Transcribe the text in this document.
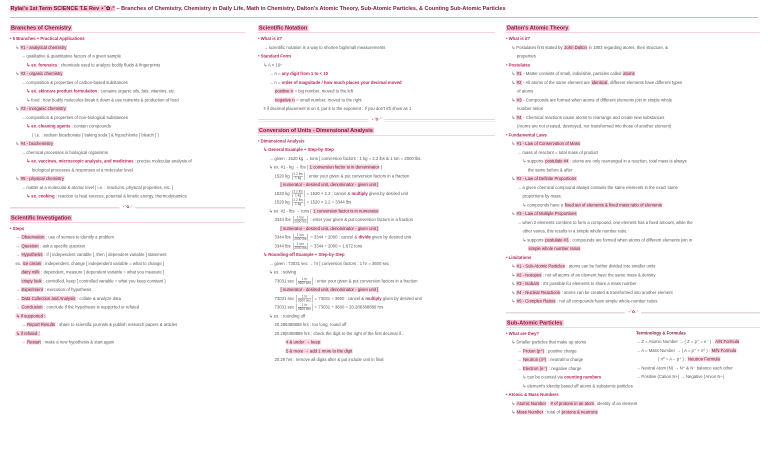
Rylai's 1st Term SCIENCE T.E Rev ⋆˚✿˖° – Branches of Chemistry, Chemistry in Daily Life, Math in Chemistry, Dalton's Atomic Theory, Sub-Atomic Particles, & Counting Sub-Atomic Particles
Branches of Chemistry
• 5 Branches + Practical Applications
↳ #1 - analytical chemistry
→ qualitative & quantitative factors of a given sample
↳ ex. forensics : chemicals used to analyze bodily fluids & fingerprints
↳ #2 - organic chemistry
→ composition & properties of carbon-based substances
↳ ex. skincare product formulation : contains organic oils, fats, vitamins, etc.
↳ food : how bodily molecules break it down & use nutrients & production of food
↳ #3 - inorganic chemistry
→ composition & properties of non-biological substances
↳ ex. cleaning agents : contain compounds
( i.e. : sodium bicarbonate [ baking soda ] & hypochlorite [ bleach ] )
↳ #4 - biochemistry
→ chemical processes in biological organisms
↳ ex. vaccines, microscopic analysis, and medicines : precise molecular analysis of
biological processes & responses at a molecular level
↳ #5 - physical chemistry
→ matter at a molecular & atomic level [ i.e. : reactions, physical properties, etc. ]
↳ ex. cooking : reaction to heat sources, potential & kinetic energy, thermodynamics
⋆˚✿˖°
Scientific Investigation
• Steps
→ Observation : use of senses to identify a problem
→ Question : ask a specific question
→ Hypothesis : if [ independent variable ], then [ dependent variable ] statement
ex. ice cream : independent, change [ independent variable = what to change ]
dairy milk : dependent, measure [ dependent variable = what you measure ]
crispy look : controlled, keep [ controlled variable = what you keep constant ]
→ Experiment : execution of hypothesis
→ Data Collection and Analysis : collate & analyze data
→ Conclusion : conclude if the hypothesis is supported or refuted
↳ if supported :
→ Report Results : share to scientific journals & publish research papers & articles
↳ if refuted :
→ Restart : make a new hypothesis & start again
Scientific Notation
• What is it?
→ scientific notation is a way to shorten big/small measurements
• Standard Form
↳ A × 10ⁿ
→ A = any digit from 1 to < 10
→ n = order of magnitude / how much places your decimal moved
positive n = big number, moved to the left
negative n = small number, moved to the right
‼ if decimal placement is on it, put it to the exponent : if you don't it'll show as 1
⋆˚✿˖°
Conversion of Units - Dimensional Analysis
• Dimensional Analysis
↳ General Example + Step-by-Step
→ given : 1520 kg → tons [ conversion factors : 1 kg = 2.2 lbs & 1 ton = 2000 lbs.
↳ ex. #1 - kg → lbs [ 1 conversion factor is in denominator ]
1520 kg $\frac{\text{2.2 lbs}}{1 kg}$ : enter your given & put conversion factors in a fraction
[ numerator - desired unit, denominator - given unit ]
1520 kg $\frac{\text{2.2 lbs}}{1 kg} = 1520 \times 2.2$ : cancel & multiply given by desired unit
1520 kg $\frac{\text{2.2 lbs}}{1 kg} = 1520 \times 2.2 = 3344$ lbs
↳ ex. #2 - lbs → tons [ 1 conversion factor is in numerator
3344 lbs $\frac{\text{1 ton}}{\text{2000 lbs}}$ : enter your given & put conversion factors in a fraction
[ numerator - desired unit, denominator - given unit ]
3344 lbs $\frac{\text{1 ton}}{\text{2000 lbs}} = 3344 \div 2000$ : cancel & divide given by desired unit
3344 lbs $\frac{\text{1 ton}}{\text{2000 lbs}} = 3344 \div 2000 = 1.672$ tons
↳ Rounding-off Example + Step-by-Step
→ given : 73031 sec → hr [ conversion factors : 1 hr = 3600 sec
↳ ex. : solving
73031 $\sec \frac{1 hr}{3600 \sec}$ : enter your given & put conversion factors in a fraction
[ numerator - desired unit, denominator - given unit ]
73031 $\sec \frac{1 hr}{3600 \sec} = 73031 \div 3600$ : cancel & multiply given by desired unit
73031 $\sec \frac{1 hr}{3600 \sec} = 73031 \div 3600 = 20.286388889$ hrs
↳ ex. : rounding off
20.286388889 hrs : too long, round off
20.28|6388889 hrs : check the digit to the right of the first decimal if...
4 & under → keep
5 & more → add 1 more to the digit
20.29 hrs : remove all digits after & put include unit in final
Dalton's Atomic Theory
• What is it?
↳ Postulates first stated by John Dalton in 1803 regarding atoms, their structure, &
properties
• Postulates
↳ #1 - Matter consists of small, indivisible, particles called atoms
↳ #2 - All atoms of the same element are identical, different elements have different types
of atoms
↳ #3 - Compounds are formed when atoms of different elements join in simple whole
number ratios
↳ #4 - Chemical reactions cause atoms to rearrange and create new substances
(Atoms are not created, destroyed, nor transformed into those of another element)
• Fundamental Laws
↳ #1 - Law of Conservation of Mass
→ mass of reactant = total mass of product
↳ supports postulate #4 : atoms are only rearranged in a reaction, total mass is always
the same before & after
↳ #2 - Law of Definite Proportions
→ a given chemical compound always contains the same elements in the exact same
proportions by mass.
↳ compounds have a fixed set of elements & fixed mass ratio of elements
↳ #3 - Law of Multiple Proportions
→ when 2 elements combine to form a compound, one element has a fixed amount, while the
other varies, this results in a simple whole number ratio.
↳ supports postulate #3 : compounds are formed when atoms of different elements join in
simple whole number ratios
• Limitations
↳ #1 - Sub-Atomic Particles : atoms can be further divided into smaller units
↳ #2 - Isotopes : not all atoms of an element have the same mass & density
↳ #3 - Isobars : it's possible for elements to share a mass number
↳ #4 - Nuclear Reactions : atoms can be created & transformed into another element
↳ #5 - Complex Ratios : not all compounds have simple whole-number ratios
⋆˚✿˖°
Sub-Atomic Particles
• What are they?
↳ Smaller particles that make up atoms
→ Proton (p⁺) : positive charge
→ Neutron (n⁰) : neutral/no charge
→ Electron (e⁻) : negative charge
↳ can be counted via counting numbers
↳ element's identity based off atoms & subatomic particles
• Atomic & Mass Numbers
↳ Atomic Number : # of protons in an atom, identity of an element
↳ Mass Number : total of protons & neutrons
Terminology & Formulas
→ Z = Atomic Number → ( Z = p⁺ = e⁻ ) : A/N Formula
→ A = Mass Number → ( A = p⁺ + n⁰ ) : M/N Formula
( n⁰ = A − p⁺ ) : Neutron Formula
→ Neutral Atom (N) → N⁺ & N⁻ balance each other
→ Positive (Cation N+) → Negative (Anion N−)
